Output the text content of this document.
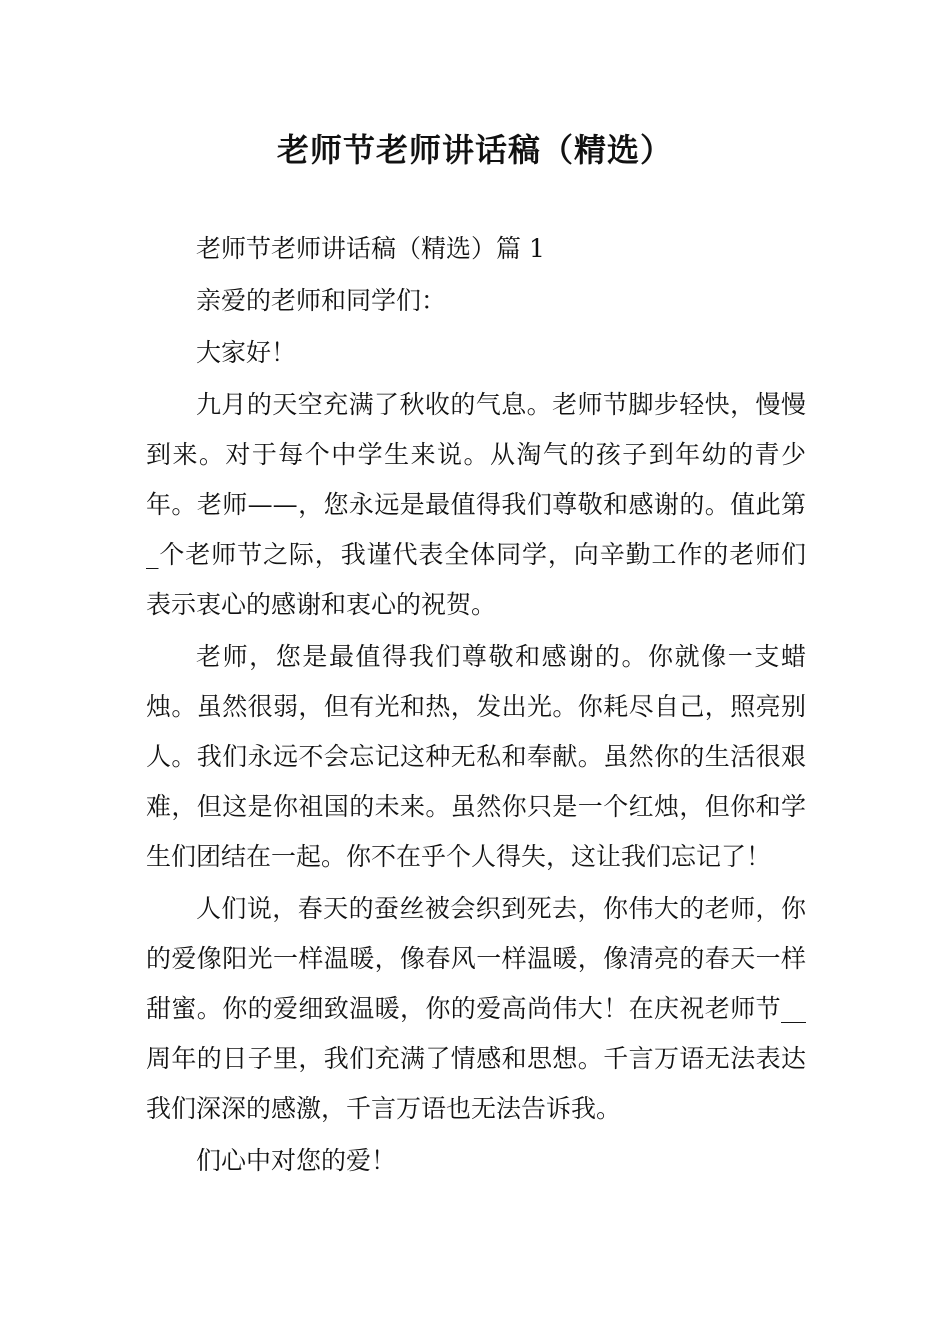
老师节老师讲话稿（精选）

老师节老师讲话稿（精选）篇 1

亲爱的老师和同学们：

大家好！

九月的天空充满了秋收的气息。老师节脚步轻快，慢慢到来。对于每个中学生来说。从淘气的孩子到年幼的青少年。老师——，您永远是最值得我们尊敬和感谢的。值此第_个老师节之际，我谨代表全体同学，向辛勤工作的老师们表示衷心的感谢和衷心的祝贺。

老师，您是最值得我们尊敬和感谢的。你就像一支蜡烛。虽然很弱，但有光和热，发出光。你耗尽自己，照亮别人。我们永远不会忘记这种无私和奉献。虽然你的生活很艰难，但这是你祖国的未来。虽然你只是一个红烛，但你和学生们团结在一起。你不在乎个人得失，这让我们忘记了！

人们说，春天的蚕丝被会织到死去，你伟大的老师，你的爱像阳光一样温暖，像春风一样温暖，像清亮的春天一样甜蜜。你的爱细致温暖，你的爱高尚伟大！在庆祝老师节__周年的日子里，我们充满了情感和思想。千言万语无法表达我们深深的感激，千言万语也无法告诉我。

们心中对您的爱！
